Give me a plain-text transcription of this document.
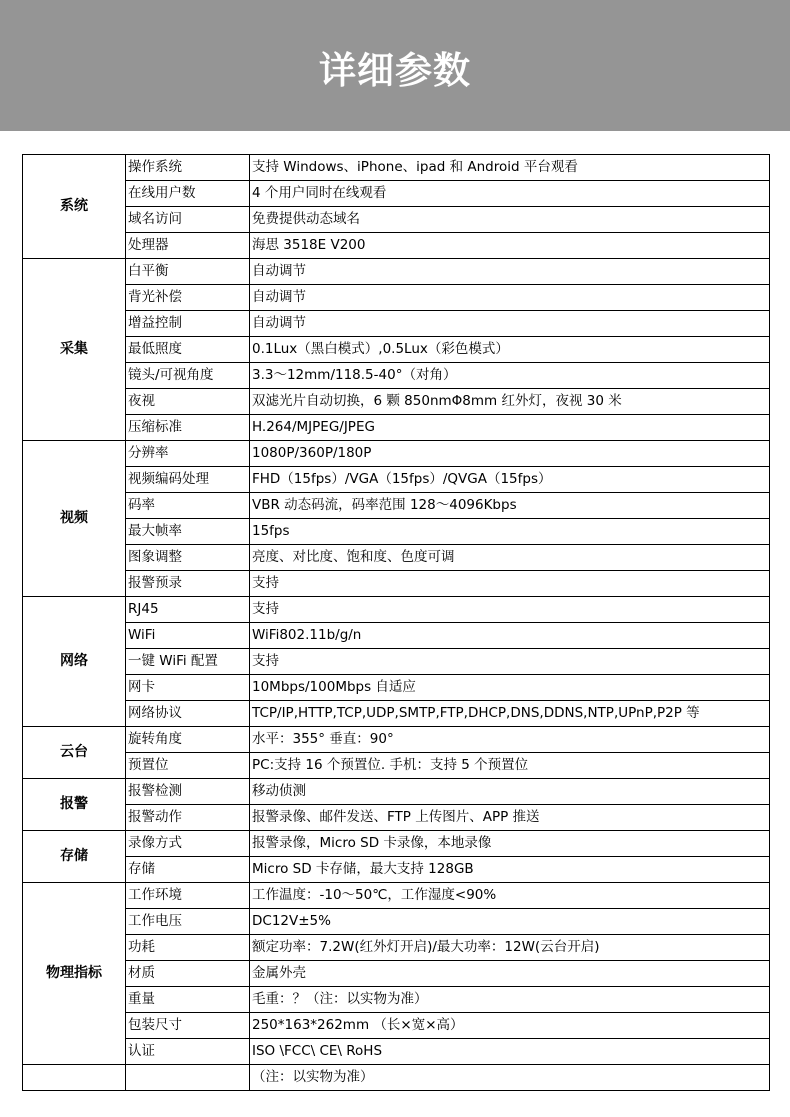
详细参数
系统	操作系统	支持 Windows、iPhone、ipad 和 Android 平台观看
	在线用户数	4 个用户同时在线观看
	域名访问	免费提供动态域名
	处理器	海思 3518E V200
采集	白平衡	自动调节
	背光补偿	自动调节
	增益控制	自动调节
	最低照度	0.1Lux（黑白模式）,0.5Lux（彩色模式）
	镜头/可视角度	3.3～12mm/118.5-40°（对角）
	夜视	双滤光片自动切换，6 颗 850nmΦ8mm 红外灯，夜视 30 米
	压缩标准	H.264/MJPEG/JPEG
视频	分辨率	1080P/360P/180P
	视频编码处理	FHD（15fps）/VGA（15fps）/QVGA（15fps）
	码率	VBR 动态码流，码率范围 128～4096Kbps
	最大帧率	15fps
	图象调整	亮度、对比度、饱和度、色度可调
	报警预录	支持
网络	RJ45	支持
	WiFi	WiFi802.11b/g/n
	一键 WiFi 配置	支持
	网卡	10Mbps/100Mbps 自适应
	网络协议	TCP/IP,HTTP,TCP,UDP,SMTP,FTP,DHCP,DNS,DDNS,NTP,UPnP,P2P 等
云台	旋转角度	水平：355° 垂直：90°
	预置位	PC:支持 16 个预置位. 手机：支持 5 个预置位
报警	报警检测	移动侦测
	报警动作	报警录像、邮件发送、FTP 上传图片、APP 推送
存储	录像方式	报警录像，Micro SD 卡录像，本地录像
	存储	Micro SD 卡存储，最大支持 128GB
物理指标	工作环境	工作温度：-10～50℃，工作湿度<90%
	工作电压	DC12V±5%
	功耗	额定功率：7.2W(红外灯开启)/最大功率：12W(云台开启)
	材质	金属外壳
	重量	毛重：？（注：以实物为准）
	包装尺寸	250*163*262mm （长×宽×高）
	认证	ISO \FCC\ CE\ RoHS
		（注：以实物为准）
